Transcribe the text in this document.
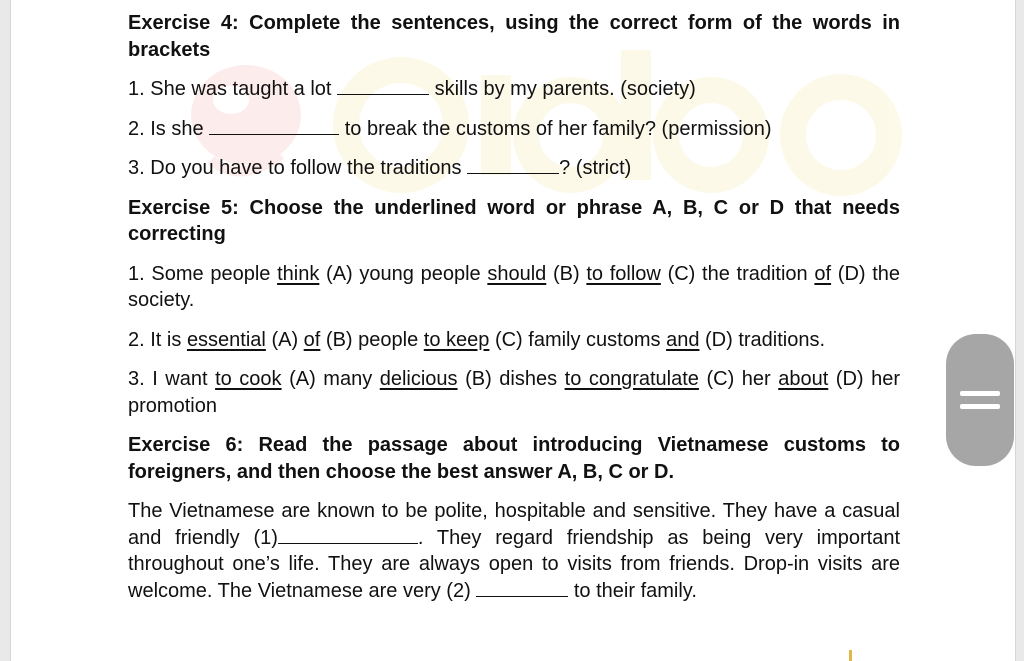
Exercise 4: Complete the sentences, using the correct form of the words in brackets
1. She was taught a lot	skills by my parents. (society)
2. Is she	to break the customs of her family? (permission)
3. Do you have to follow the traditions	? (strict)
Exercise 5: Choose the underlined word or phrase A, B, C or D that needs correcting
1. Some people think (A) young people should (B) to follow (C) the tradition of (D) the society.
2. It is essential (A) of (B) people to keep (C) family customs and (D) traditions.
3. I want to cook (A) many delicious (B) dishes to congratulate (C) her about (D) her promotion
Exercise 6: Read the passage about introducing Vietnamese customs to foreigners, and then choose the best answer A, B, C or D.

The Vietnamese are known to be polite, hospitable and sensitive. They have a casual and friendly (1)	. They regard friendship as being very important throughout one’s life. They are always open to visits from friends. Drop-in visits are welcome. The Vietnamese are very (2)	to their family.
